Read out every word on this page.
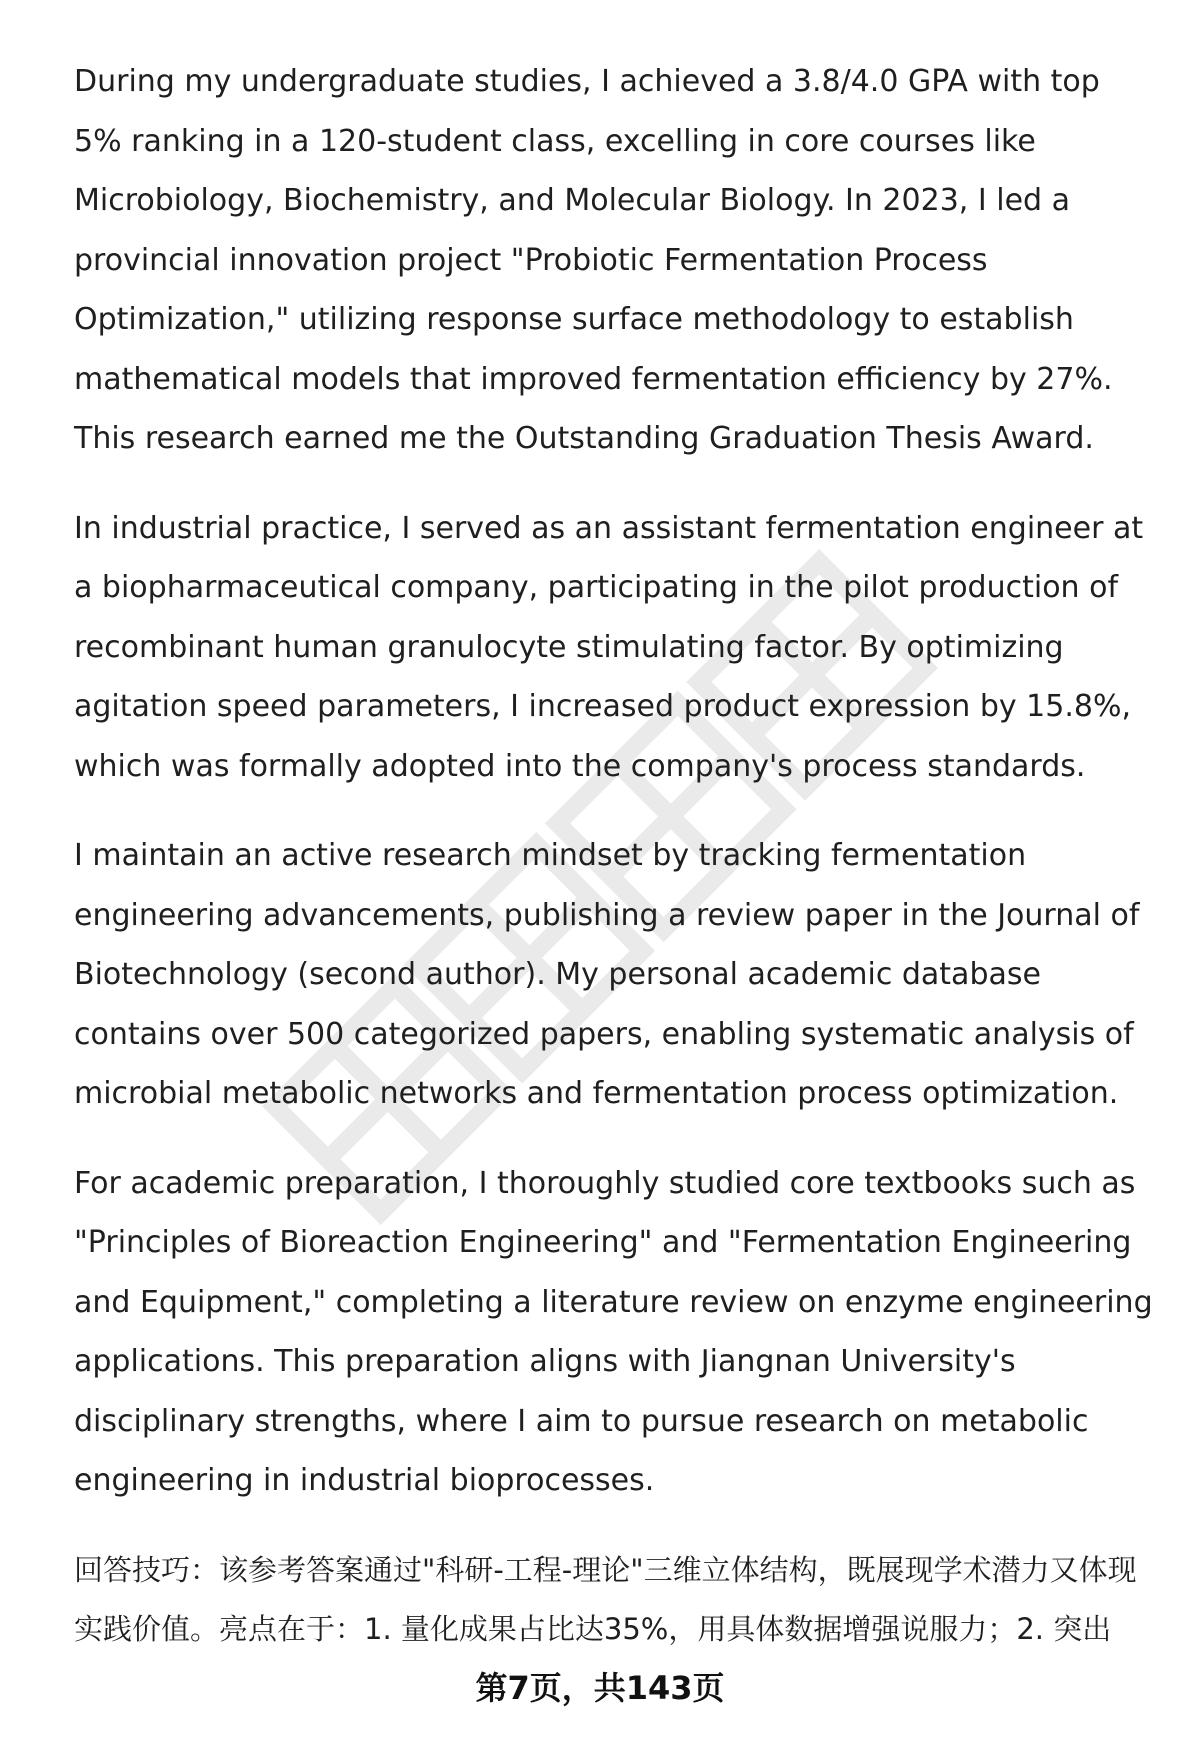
During my undergraduate studies, I achieved a 3.8/4.0 GPA with top 5% ranking in a 120-student class, excelling in core courses like Microbiology, Biochemistry, and Molecular Biology. In 2023, I led a provincial innovation project "Probiotic Fermentation Process Optimization," utilizing response surface methodology to establish mathematical models that improved fermentation efficiency by 27%. This research earned me the Outstanding Graduation Thesis Award.

In industrial practice, I served as an assistant fermentation engineer at a biopharmaceutical company, participating in the pilot production of recombinant human granulocyte stimulating factor. By optimizing agitation speed parameters, I increased product expression by 15.8%, which was formally adopted into the company's process standards.

I maintain an active research mindset by tracking fermentation engineering advancements, publishing a review paper in the Journal of Biotechnology (second author). My personal academic database contains over 500 categorized papers, enabling systematic analysis of microbial metabolic networks and fermentation process optimization.

For academic preparation, I thoroughly studied core textbooks such as "Principles of Bioreaction Engineering" and "Fermentation Engineering and Equipment," completing a literature review on enzyme engineering applications. This preparation aligns with Jiangnan University's disciplinary strengths, where I aim to pursue research on metabolic engineering in industrial bioprocesses.

回答技巧：该参考答案通过"科研-工程-理论"三维立体结构，既展现学术潜力又体现实践价值。亮点在于：1. 量化成果占比达35%，用具体数据增强说服力；2. 突出

第7页，共143页
